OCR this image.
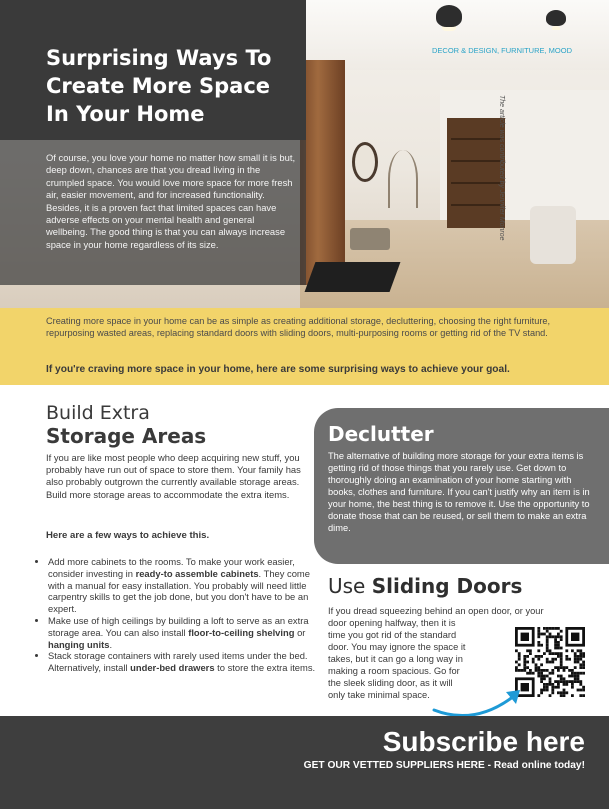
The article was contributed by Jennifer Monroe
Surprising Ways To
Create More Space
In Your Home

Of course, you love your home no matter how small it is but, deep down, chances are that you dread living in the crumpled space. You would love more space for more fresh air, easier movement, and for increased functionality. Besides, it is a proven fact that limited spaces can have adverse effects on your mental health and general wellbeing. The good thing is that you can always increase space in your home regardless of its size.

DECOR & DESIGN, FURNITURE, MOOD

Creating more space in your home can be as simple as creating additional storage, decluttering, choosing the right furniture, repurposing wasted areas, replacing standard doors with sliding doors, multi-purposing rooms or getting rid of the TV stand.

If you're craving more space in your home, here are some surprising ways to achieve your goal.

Build Extra
Storage Areas

If you are like most people who deep acquiring new stuff, you probably have run out of space to store them. Your family has also probably outgrown the currently available storage areas. Build more storage areas to accommodate the extra items.

Here are a few ways to achieve this.

• Add more cabinets to the rooms. To make your work easier, consider investing in ready-to assemble cabinets. They come with a manual for easy installation. You probably will need little carpentry skills to get the job done, but you don't have to be an expert.
• Make use of high ceilings by building a loft to serve as an extra storage area. You can also install floor-to-ceiling shelving or hanging units.
• Stack storage containers with rarely used items under the bed. Alternatively, install under-bed drawers to store the extra items.
Declutter

The alternative of building more storage for your extra items is getting rid of those things that you rarely use. Get down to thoroughly doing an examination of your home starting with books, clothes and furniture. If you can't justify why an item is in your home, the best thing is to remove it. Use the opportunity to donate those that can be reused, or sell them to make an extra dime.

Use Sliding Doors

If you dread squeezing behind an open door, or your
door opening halfway, then it is
time you got rid of the standard
door. You may ignore the space it
takes, but it can go a long way in
making a room spacious. Go for
the sleek sliding door, as it will
only take minimal space.

Subscribe here
GET OUR VETTED SUPPLIERS HERE - Read online today!
